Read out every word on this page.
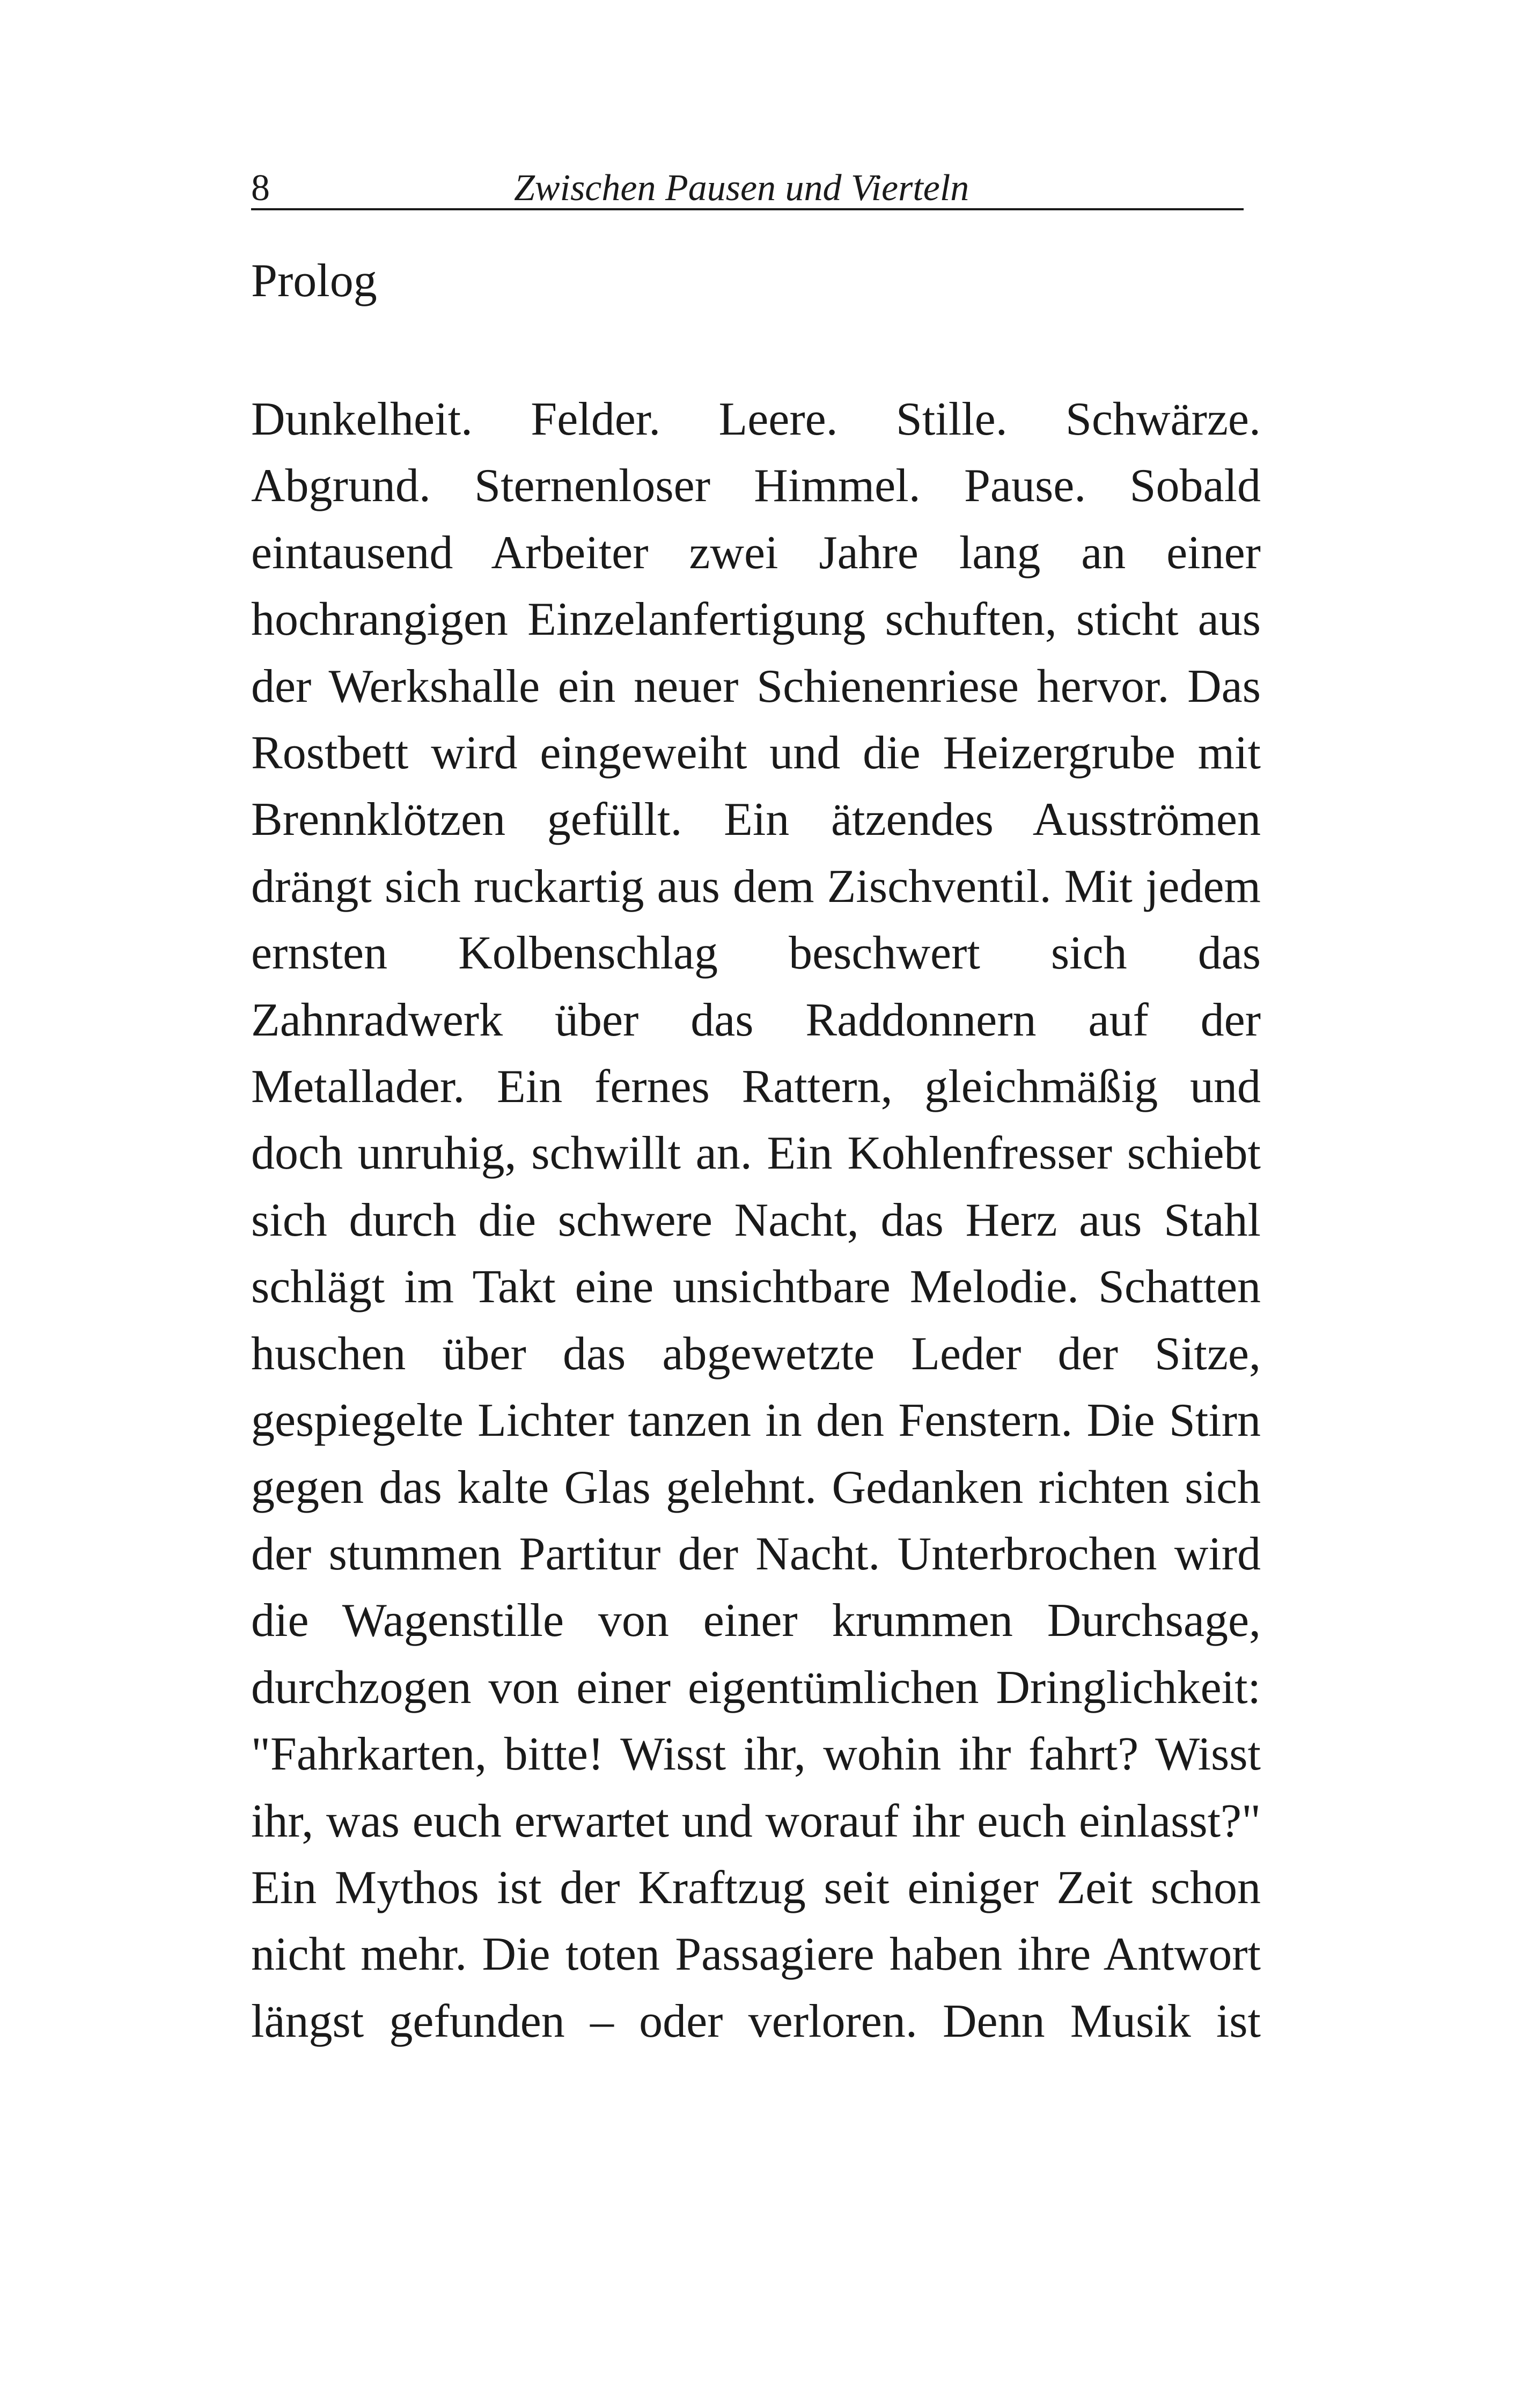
8	Zwischen Pausen und Vierteln
Prolog

Dunkelheit. Felder. Leere. Stille. Schwärze. Abgrund. Sternenloser Himmel. Pause. Sobald eintausend Arbeiter zwei Jahre lang an einer hochrangigen Einzelanfertigung schuften, sticht aus der Werkshalle ein neuer Schienenriese hervor. Das Rostbett wird eingeweiht und die Heizergrube mit Brennklötzen gefüllt. Ein ätzendes Ausströmen drängt sich ruckartig aus dem Zischventil. Mit jedem ernsten Kolbenschlag beschwert sich das Zahnradwerk über das Raddonnern auf der Metallader. Ein fernes Rattern, gleichmäßig und doch unruhig, schwillt an. Ein Kohlenfresser schiebt sich durch die schwere Nacht, das Herz aus Stahl schlägt im Takt eine unsichtbare Melodie. Schatten huschen über das abgewetzte Leder der Sitze, gespiegelte Lichter tanzen in den Fenstern. Die Stirn gegen das kalte Glas gelehnt. Gedanken richten sich der stummen Partitur der Nacht. Unterbrochen wird die Wagenstille von einer krummen Durchsage, durchzogen von einer eigentümlichen Dringlichkeit: "Fahrkarten, bitte! Wisst ihr, wohin ihr fahrt? Wisst ihr, was euch erwartet und worauf ihr euch einlasst?" Ein Mythos ist der Kraftzug seit einiger Zeit schon nicht mehr. Die toten Passagiere haben ihre Antwort längst gefunden – oder verloren. Denn Musik ist
